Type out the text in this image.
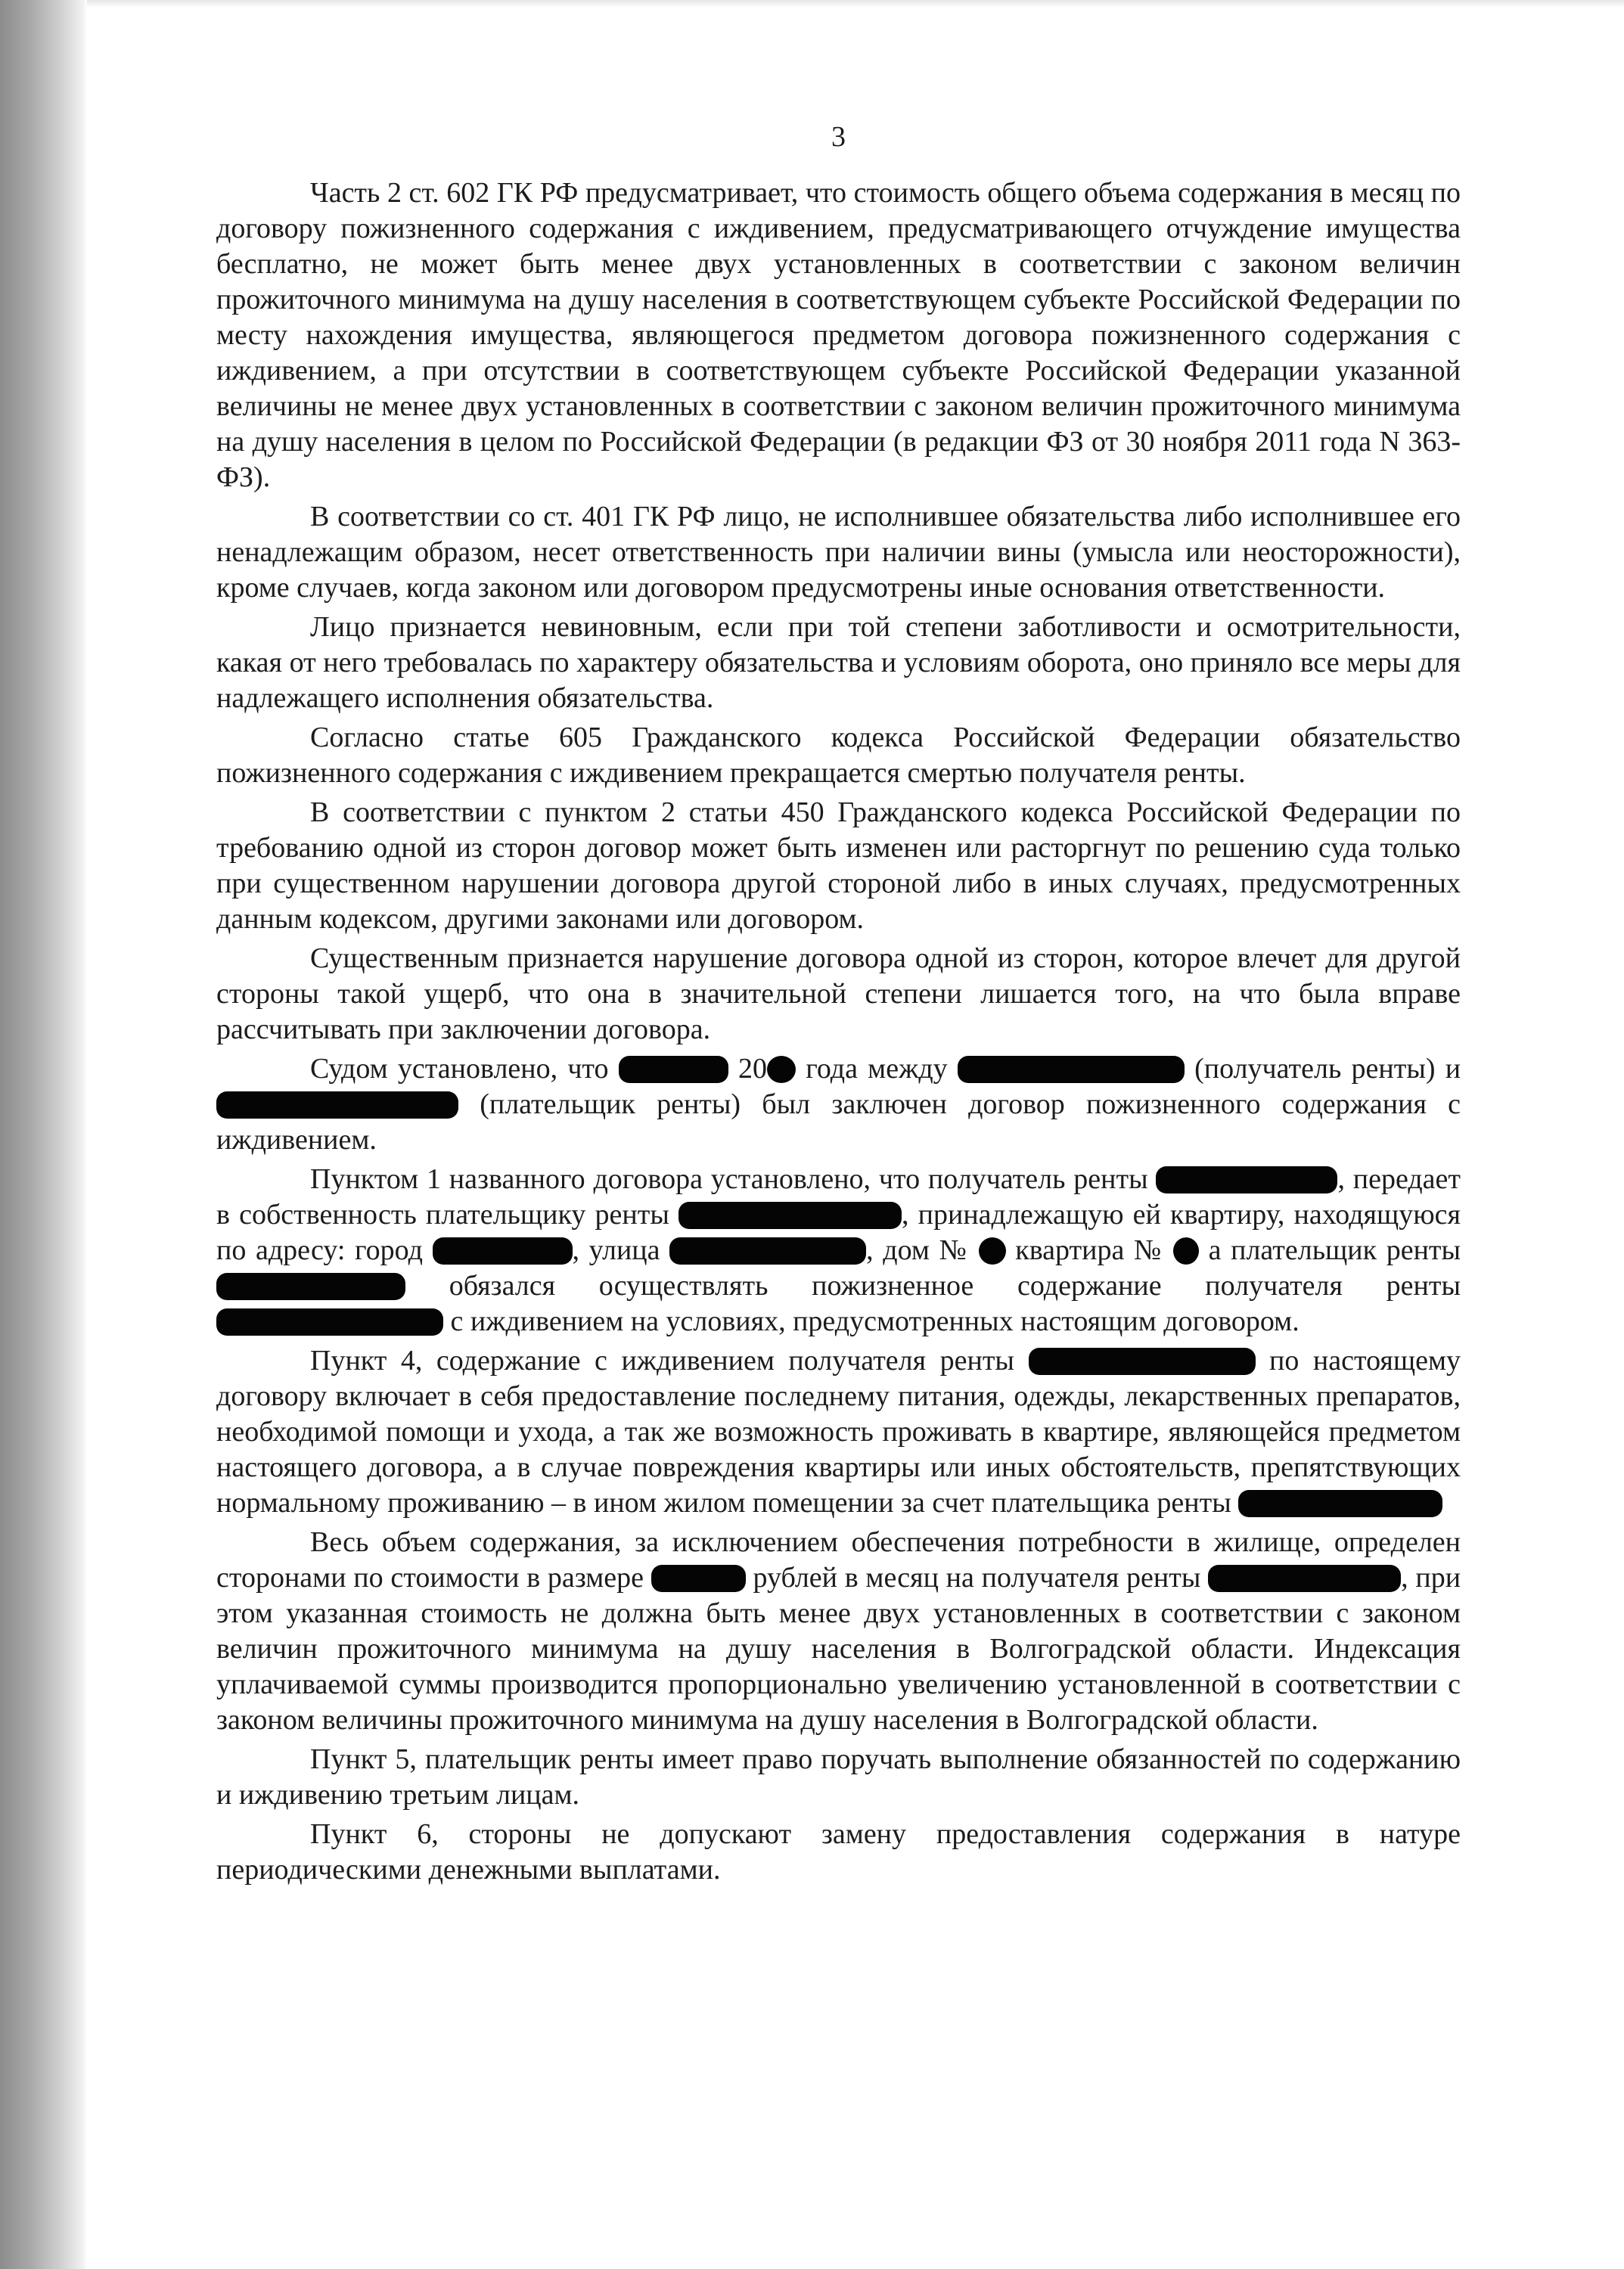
3

Часть 2 ст. 602 ГК РФ предусматривает, что стоимость общего объема содержания в месяц по договору пожизненного содержания с иждивением, предусматривающего отчуждение имущества бесплатно, не может быть менее двух установленных в соответствии с законом величин прожиточного минимума на душу населения в соответствующем субъекте Российской Федерации по месту нахождения имущества, являющегося предметом договора пожизненного содержания с иждивением, а при отсутствии в соответствующем субъекте Российской Федерации указанной величины не менее двух установленных в соответствии с законом величин прожиточного минимума на душу населения в целом по Российской Федерации (в редакции ФЗ от 30 ноября 2011 года N 363-ФЗ).

В соответствии со ст. 401 ГК РФ лицо, не исполнившее обязательства либо исполнившее его ненадлежащим образом, несет ответственность при наличии вины (умысла или неосторожности), кроме случаев, когда законом или договором предусмотрены иные основания ответственности.

Лицо признается невиновным, если при той степени заботливости и осмотрительности, какая от него требовалась по характеру обязательства и условиям оборота, оно приняло все меры для надлежащего исполнения обязательства.

Согласно статье 605 Гражданского кодекса Российской Федерации обязательство пожизненного содержания с иждивением прекращается смертью получателя ренты.

В соответствии с пунктом 2 статьи 450 Гражданского кодекса Российской Федерации по требованию одной из сторон договор может быть изменен или расторгнут по решению суда только при существенном нарушении договора другой стороной либо в иных случаях, предусмотренных данным кодексом, другими законами или договором.

Существенным признается нарушение договора одной из сторон, которое влечет для другой стороны такой ущерб, что она в значительной степени лишается того, на что была вправе рассчитывать при заключении договора.

Судом установлено, что	20 года между	(получатель ренты) и  (плательщик ренты) был заключен договор пожизненного содержания с иждивением.

Пунктом 1 названного договора установлено, что получатель ренты	, передает в собственность плательщику ренты	, принадлежащую ей квартиру, находящуюся по адресу: город	, улица	, дом № квартира № а плательщик ренты  обязался осуществлять пожизненное содержание получателя ренты  с иждивением на условиях, предусмотренных настоящим договором.

Пункт 4, содержание с иждивением получателя ренты	по настоящему договору включает в себя предоставление последнему питания, одежды, лекарственных препаратов, необходимой помощи и ухода, а так же возможность проживать в квартире, являющейся предметом настоящего договора, а в случае повреждения квартиры или иных обстоятельств, препятствующих нормальному проживанию – в ином жилом помещении за счет плательщика ренты

Весь объем содержания, за исключением обеспечения потребности в жилище, определен сторонами по стоимости в размере	рублей в месяц на получателя ренты	, при этом указанная стоимость не должна быть менее двух установленных в соответствии с законом величин прожиточного минимума на душу населения в Волгоградской области. Индексация уплачиваемой суммы производится пропорционально увеличению установленной в соответствии с законом величины прожиточного минимума на душу населения в Волгоградской области.

Пункт 5, плательщик ренты имеет право поручать выполнение обязанностей по содержанию и иждивению третьим лицам.

Пункт 6, стороны не допускают замену предоставления содержания в натуре периодическими денежными выплатами.
